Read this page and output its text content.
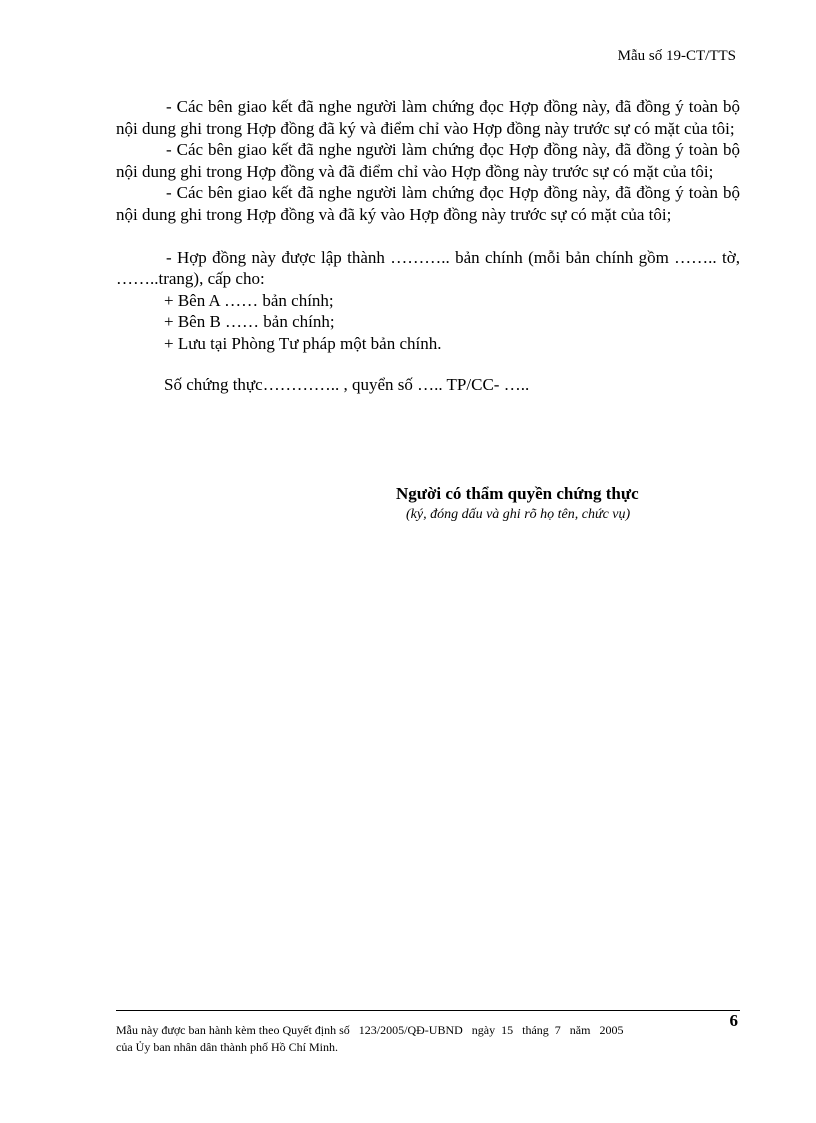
Mẫu số 19-CT/TTS

- Các bên giao kết đã nghe người làm chứng đọc Hợp đồng này, đã đồng ý toàn bộ nội dung ghi trong Hợp đồng đã ký và điểm chỉ vào Hợp đồng này trước sự có mặt của tôi;

- Các bên giao kết đã nghe người làm chứng đọc Hợp đồng này, đã đồng ý toàn bộ nội dung ghi trong Hợp đồng và đã điểm chỉ vào Hợp đồng này trước sự có mặt của tôi;

- Các bên giao kết đã nghe người làm chứng đọc Hợp đồng này, đã đồng ý toàn bộ nội dung ghi trong Hợp đồng và đã ký vào Hợp đồng này trước sự có mặt của tôi;

- Hợp đồng này được lập thành ……….. bản chính (mỗi bản chính gồm …….. tờ, ……..trang), cấp cho:

+ Bên A …… bản chính;

+ Bên B …… bản chính;

+ Lưu tại Phòng Tư pháp một bản chính.

Số chứng thực………….. , quyển số ….. TP/CC- …..

Người có thẩm quyền chứng thực
(ký, đóng dấu và ghi rõ họ tên, chức vụ)
6
Mẫu này được ban hành kèm theo Quyết định số   123/2005/QĐ-UBND   ngày  15   tháng  7   năm   2005
của Ủy ban nhân dân thành phố Hồ Chí Minh.
